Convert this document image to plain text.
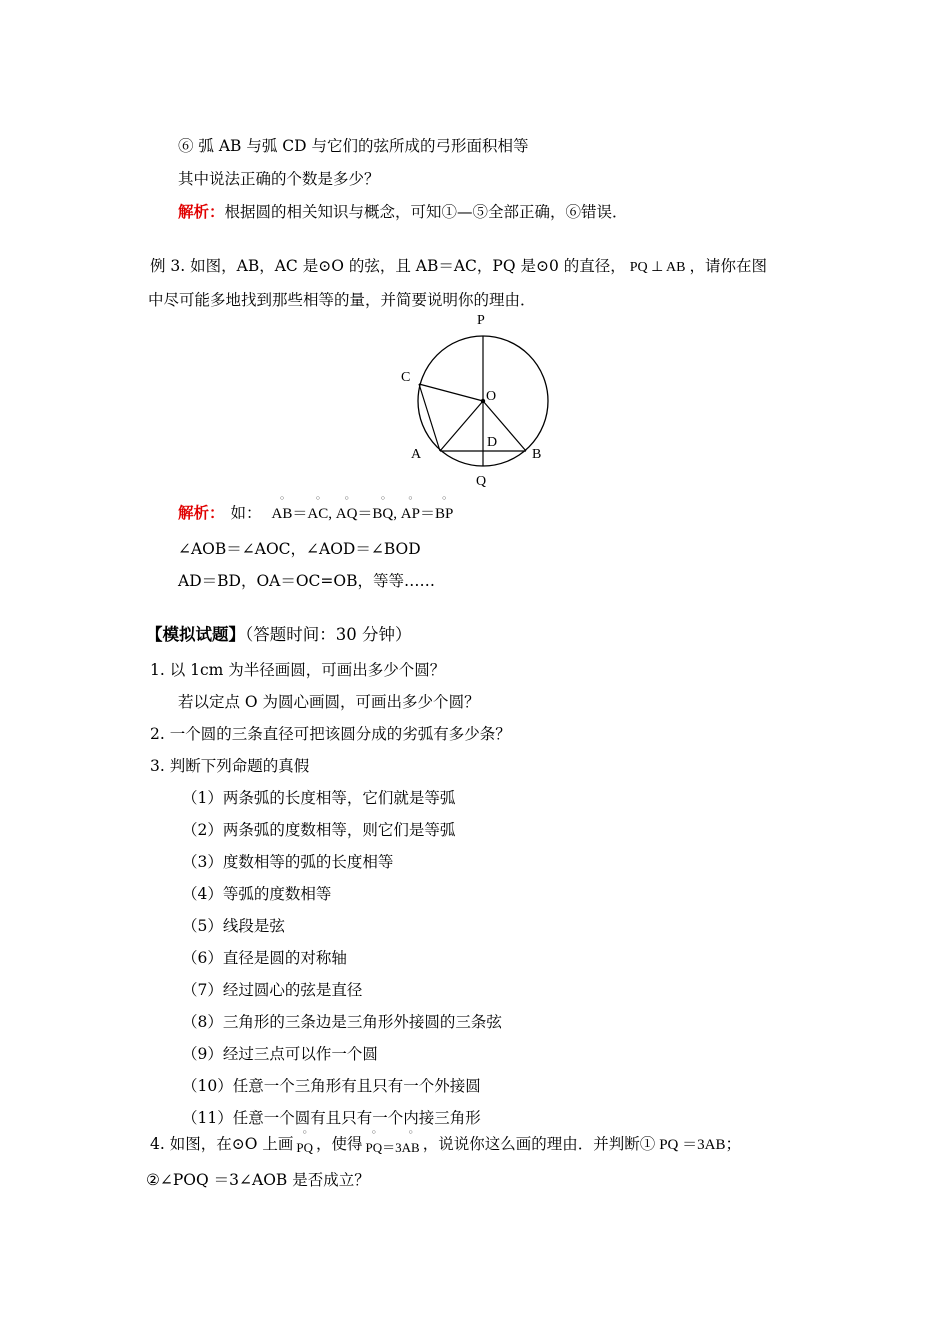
⑥ 弧 AB 与弧 CD 与它们的弦所成的弓形面积相等
其中说法正确的个数是多少？
解析：根据圆的相关知识与概念，可知①—⑤全部正确，⑥错误．
例 3. 如图，AB，AC 是⊙O 的弦，且 AB＝AC，PQ 是⊙0 的直径， PQ ⊥ AB ，请你在图
中尽可能多地找到那些相等的量，并简要说明你的理由．
P
C
O
D
A	B
Q
解析： 如： ○ AB＝○ AC, ○ AQ＝○ BQ, ○ AP＝○ BP
∠AOB＝∠AOC，∠AOD＝∠BOD
AD＝BD，OA＝OC=OB，等等……
【模拟试题】（答题时间：30 分钟）
1. 以 1cm 为半径画圆，可画出多少个圆？
若以定点 O 为圆心画圆，可画出多少个圆？
2. 一个圆的三条直径可把该圆分成的劣弧有多少条？
3. 判断下列命题的真假
（1）两条弧的长度相等，它们就是等弧
（2）两条弧的度数相等，则它们是等弧
（3）度数相等的弧的长度相等
（4）等弧的度数相等
（5）线段是弦
（6）直径是圆的对称轴
（7）经过圆心的弦是直径
（8）三角形的三条边是三角形外接圆的三条弦
（9）经过三点可以作一个圆
（10）任意一个三角形有且只有一个外接圆
（11）任意一个圆有且只有一个内接三角形
4. 如图，在⊙O 上画 ○ PQ ，使得 ○ PQ＝3○ AB ，说说你这么画的理由．并判断① PQ ＝3AB；
②∠POQ ＝3∠AOB 是否成立？
